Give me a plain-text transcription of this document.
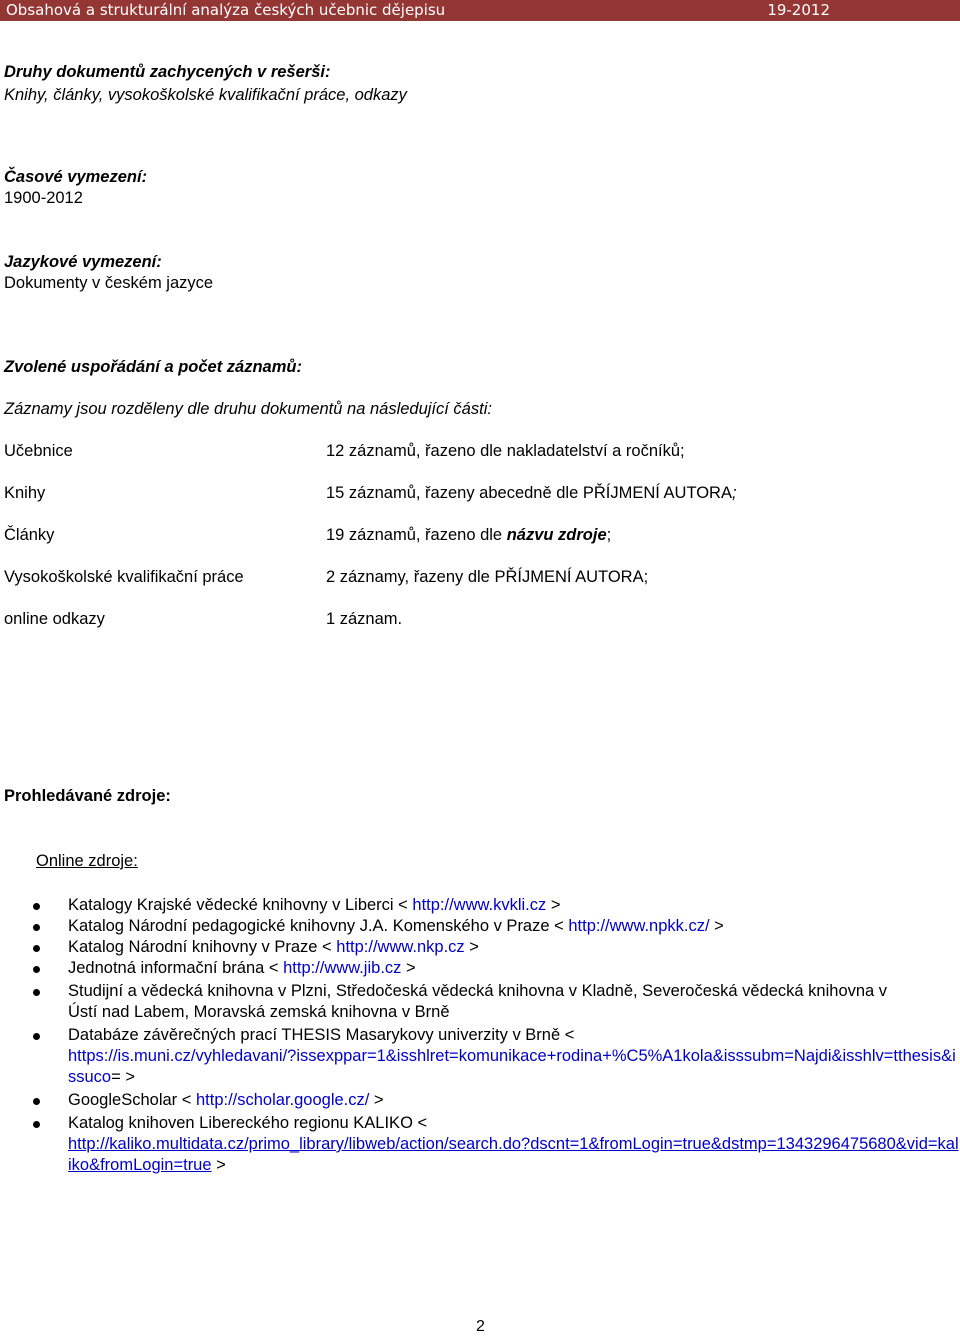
Obsahová a strukturální analýza českých učebnic dějepisu	19-2012
Druhy dokumentů zachycených v rešerši:
Knihy, články, vysokoškolské kvalifikační práce, odkazy
Časové vymezení:
1900-2012
Jazykové vymezení:
Dokumenty v českém jazyce
Zvolené uspořádání a počet záznamů:
Záznamy jsou rozděleny dle druhu dokumentů na následující části:
Učebnice	12 záznamů, řazeno dle nakladatelství a ročníků;
Knihy	15 záznamů, řazeny abecedně dle PŘÍJMENÍ AUTORA;
Články	19 záznamů, řazeno dle názvu zdroje;
Vysokoškolské kvalifikační práce	2 záznamy, řazeny dle PŘÍJMENÍ AUTORA;
online odkazy	1 záznam.
Prohledávané zdroje:
Online zdroje:
Katalogy Krajské vědecké knihovny v Liberci < http://www.kvkli.cz >
Katalog Národní pedagogické knihovny J.A. Komenského v Praze < http://www.npkk.cz/ >
Katalog Národní knihovny v Praze < http://www.nkp.cz >
Jednotná informační brána < http://www.jib.cz >
Studijní a vědecká knihovna v Plzni, Středočeská vědecká knihovna v Kladně, Severočeská vědecká knihovna v Ústí nad Labem, Moravská zemská knihovna v Brně
Databáze závěrečných prací THESIS Masarykovy univerzity v Brně <
https://is.muni.cz/vyhledavani/?issexppar=1&isshlret=komunikace+rodina+%C5%A1kola&isssubm=Najdi&isshlv=tthesis&issuco= >
GoogleScholar < http://scholar.google.cz/ >
Katalog knihoven Libereckého regionu KALIKO <
http://kaliko.multidata.cz/primo_library/libweb/action/search.do?dscnt=1&fromLogin=true&dstmp=1343296475680&vid=kaliko&fromLogin=true >
2
